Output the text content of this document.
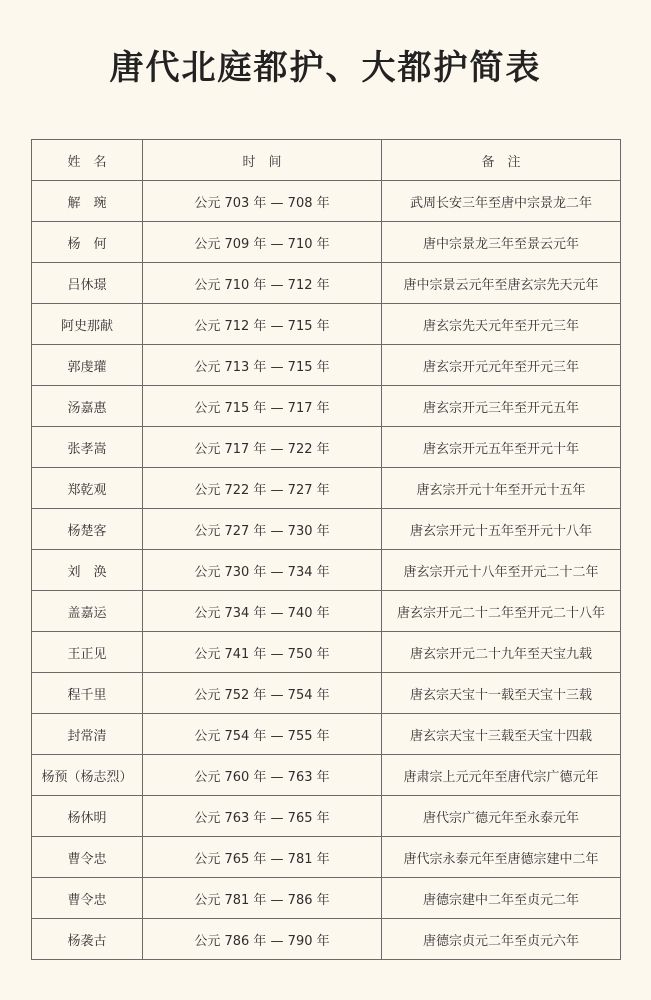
唐代北庭都护、大都护简表
姓　名	时　间	备　注
解　琬	公元 703 年 — 708 年	武周长安三年至唐中宗景龙二年
杨　何	公元 709 年 — 710 年	唐中宗景龙三年至景云元年
吕休璟	公元 710 年 — 712 年	唐中宗景云元年至唐玄宗先天元年
阿史那献	公元 712 年 — 715 年	唐玄宗先天元年至开元三年
郭虔瓘	公元 713 年 — 715 年	唐玄宗开元元年至开元三年
汤嘉惠	公元 715 年 — 717 年	唐玄宗开元三年至开元五年
张孝嵩	公元 717 年 — 722 年	唐玄宗开元五年至开元十年
郑乾观	公元 722 年 — 727 年	唐玄宗开元十年至开元十五年
杨楚客	公元 727 年 — 730 年	唐玄宗开元十五年至开元十八年
刘　涣	公元 730 年 — 734 年	唐玄宗开元十八年至开元二十二年
盖嘉运	公元 734 年 — 740 年	唐玄宗开元二十二年至开元二十八年
王正见	公元 741 年 — 750 年	唐玄宗开元二十九年至天宝九载
程千里	公元 752 年 — 754 年	唐玄宗天宝十一载至天宝十三载
封常清	公元 754 年 — 755 年	唐玄宗天宝十三载至天宝十四载
杨预（杨志烈）	公元 760 年 — 763 年	唐肃宗上元元年至唐代宗广德元年
杨休明	公元 763 年 — 765 年	唐代宗广德元年至永泰元年
曹令忠	公元 765 年 — 781 年	唐代宗永泰元年至唐德宗建中二年
曹令忠	公元 781 年 — 786 年	唐德宗建中二年至贞元二年
杨袭古	公元 786 年 — 790 年	唐德宗贞元二年至贞元六年
